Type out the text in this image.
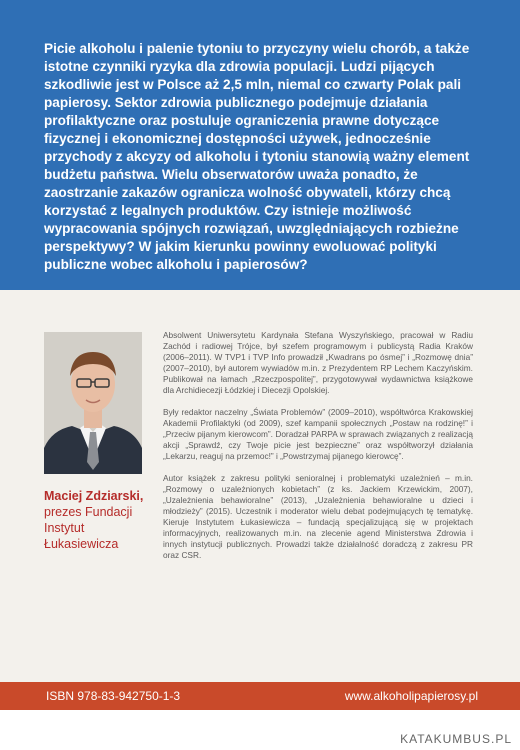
Picie alkoholu i palenie tytoniu to przyczyny wielu chorób, a także istotne czynniki ryzyka dla zdrowia populacji. Ludzi pijących szkodliwie jest w Polsce aż 2,5 mln, niemal co czwarty Polak pali papierosy. Sektor zdrowia publicznego podejmuje działania profilaktyczne oraz postuluje ograniczenia prawne dotyczące fizycznej i ekonomicznej dostępności używek, jednocześnie przychody z akcyzy od alkoholu i tytoniu stanowią ważny element budżetu państwa. Wielu obserwatorów uważa ponadto, że zaostrzanie zakazów ogranicza wolność obywateli, którzy chcą korzystać z legalnych produktów. Czy istnieje możliwość wypracowania spójnych rozwiązań, uwzględniających rozbieżne perspektywy? W jakim kierunku powinny ewoluować polityki publiczne wobec alkoholu i papierosów?
Maciej Zdziarski,
prezes Fundacji Instytut Łukasiewicza

Absolwent Uniwersytetu Kardynała Stefana Wyszyńskiego, pracował w Radiu Zachód i radiowej Trójce, był szefem programowym i publicystą Radia Kraków (2006–2011). W TVP1 i TVP Info prowadził „Kwadrans po ósmej” i „Rozmowę dnia” (2007–2010), był autorem wywiadów m.in. z Prezydentem RP Lechem Kaczyńskim. Publikował na łamach „Rzeczpospolitej”, przygotowywał wydawnictwa książkowe dla Archidiecezji Łódzkiej i Diecezji Opolskiej.

Były redaktor naczelny „Świata Problemów” (2009–2010), współtwórca Krakowskiej Akademii Profilaktyki (od 2009), szef kampanii społecznych „Postaw na rodzinę!” i „Przeciw pijanym kierowcom”. Doradzał PARPA w sprawach związanych z realizacją akcji „Sprawdź, czy Twoje picie jest bezpieczne” oraz współtworzył działania „Lekarzu, reaguj na przemoc!” i „Powstrzymaj pijanego kierowcę”.

Autor książek z zakresu polityki senioralnej i problematyki uzależnień – m.in. „Rozmowy o uzależnionych kobietach” (z ks. Jackiem Krzewickim, 2007), „Uzależnienia behawioralne” (2013), „Uzależnienia behawioralne u dzieci i młodzieży” (2015). Uczestnik i moderator wielu debat podejmujących tę tematykę. Kieruje Instytutem Łukasiewicza – fundacją specjalizującą się w projektach informacyjnych, realizowanych m.in. na zlecenie agend Ministerstwa Zdrowia i innych instytucji publicznych. Prowadzi także działalność doradczą z zakresu PR oraz CSR.

ISBN 978-83-942750-1-3	www.alkoholipapierosy.pl
KATAKUMBUS.PL
